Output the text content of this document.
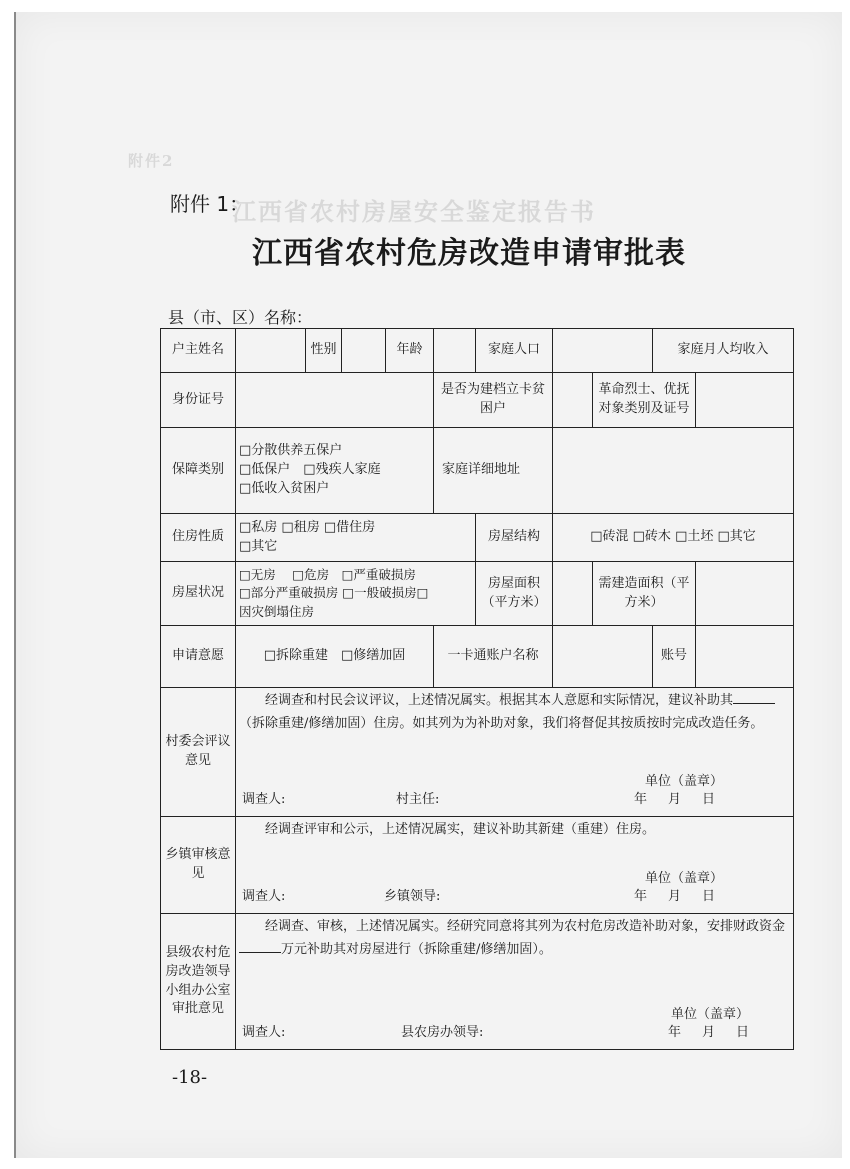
附件2
江西省农村房屋安全鉴定报告书
附件 1：
江西省农村危房改造申请审批表
县（市、区）名称：
户主姓名		性别		年龄		家庭人口			家庭月人均收入	
身份证号					是否为建档立卡贫困户			革命烈士、优抚对象类别及证号		
保障类别	□分散供养五保户
□低保户　□残疾人家庭
□低收入贫困户				家庭详细地址					
住房性质	□私房 □租房 □借住房
□其它					房屋结构	□砖混 □砖木 □土坯 □其它			
房屋状况	□无房　 □危房　□严重破损房
□部分严重破损房 □一般破损房□
因灾倒塌住房					房屋面积（平方米）		需建造面积（平方米）		
申请意愿	□拆除重建　□修缮加固				一卡通账户名称				账号	
村委会评议意见	经调查和村民会议评议，上述情况属实。根据其本人意愿和实际情况，建议补助其（拆除重建/修缮加固）住房。如其列为为补助对象，我们将督促其按质按时完成改造任务。
调查人: 村主任:
单位（盖章）
年　月　日									

乡镇审核意见	经调查评审和公示，上述情况属实，建议补助其新建（重建）住房。
调查人: 乡镇领导:
单位（盖章）
年　月　日									

县级农村危房改造领导小组办公室审批意见	经调查、审核，上述情况属实。经研究同意将其列为农村危房改造补助对象，安排财政资金万元补助其对房屋进行（拆除重建/修缮加固）。
调查人: 县农房办领导:
单位（盖章）
年　月　日									
-18-
